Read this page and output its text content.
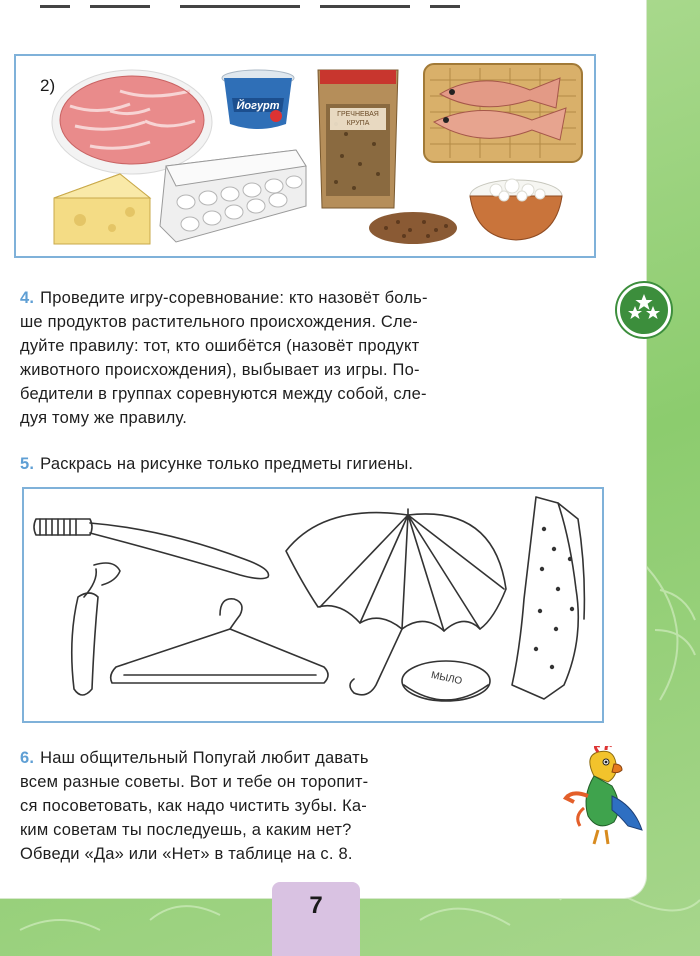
2)
Йогурт
ГРЕЧНЕВАЯ КРУПА

4. Проведите игру-соревнование: кто назовёт боль-

ше продуктов растительного происхождения. Сле-

дуйте правилу: тот, кто ошибётся (назовёт продукт

животного происхождения), выбывает из игры. По-

бедители в группах соревнуются между собой, сле-

дуя тому же правилу.

5. Раскрась на рисунке только предметы гигиены.

МЫЛО

6. Наш общительный Попугай любит давать

всем разные советы. Вот и тебе он торопит-

ся посоветовать, как надо чистить зубы. Ка-

ким советам ты последуешь, а каким нет?

Обведи «Да» или «Нет» в таблице на с. 8.

7
